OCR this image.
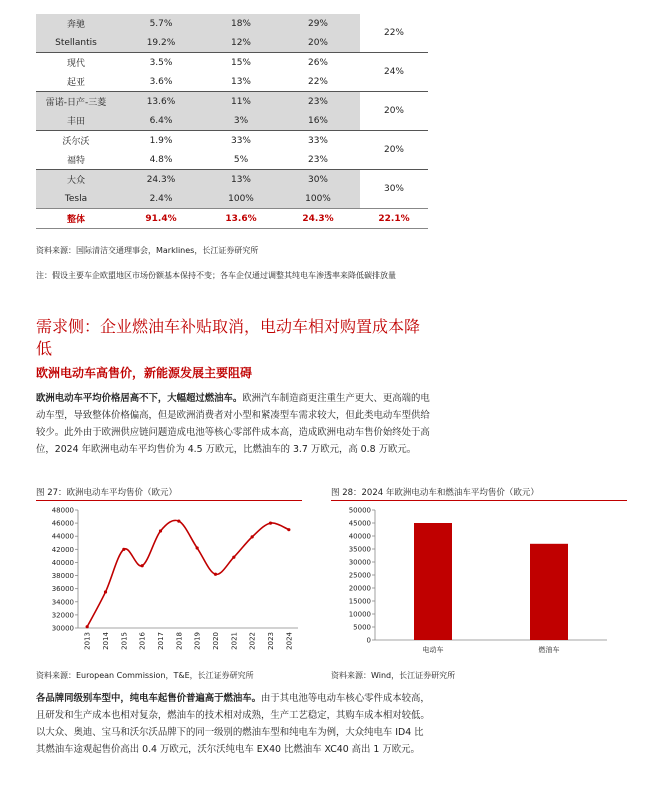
奔驰	5.7%	18%	29%	22%
Stellantis	19.2%	12%	20%	
现代	3.5%	15%	26%	24%
起亚	3.6%	13%	22%	
雷诺-日产-三菱	13.6%	11%	23%	20%
丰田	6.4%	3%	16%	
沃尔沃	1.9%	33%	33%	20%
福特	4.8%	5%	23%	
大众	24.3%	13%	30%	30%
Tesla	2.4%	100%	100%	
整体	91.4%	13.6%	24.3%	22.1%
资料来源：国际清洁交通理事会，Marklines，长江证券研究所
注：假设主要车企欧盟地区市场份额基本保持不变；各车企仅通过调整其纯电车渗透率来降低碳排放量
需求侧：企业燃油车补贴取消，电动车相对购置成本降低
欧洲电动车高售价，新能源发展主要阻碍
欧洲电动车平均价格居高不下，大幅超过燃油车。欧洲汽车制造商更注重生产更大、更高端的电动车型，导致整体价格偏高，但是欧洲消费者对小型和紧凑型车需求较大，但此类电动车型供给较少。此外由于欧洲供应链问题造成电池等核心零部件成本高，造成欧洲电动车售价始终处于高位，2024 年欧洲电动车平均售价为 4.5 万欧元，比燃油车的 3.7 万欧元，高 0.8 万欧元。
图 27：欧洲电动车平均售价（欧元）
30000
32000
34000
36000
38000
40000
42000
44000
46000
48000
2013 2014 2015 2016 2017 2018 2019 2020 2021 2022 2023 2024
资料来源：European Commission，T&E，长江证券研究所
图 28：2024 年欧洲电动车和燃油车平均售价（欧元）
0
5000
10000
15000
20000
25000
30000
35000
40000
45000
50000
电动车	燃油车
资料来源：Wind，长江证券研究所
各品牌同级别车型中，纯电车起售价普遍高于燃油车。由于其电池等电动车核心零件成本较高，且研发和生产成本也相对复杂，燃油车的技术相对成熟，生产工艺稳定，其购车成本相对较低。以大众、奥迪、宝马和沃尔沃品牌下的同一级别的燃油车型和纯电车为例，大众纯电车 ID4 比其燃油车途观起售价高出 0.4 万欧元，沃尔沃纯电车 EX40 比燃油车 XC40 高出 1 万欧元。
